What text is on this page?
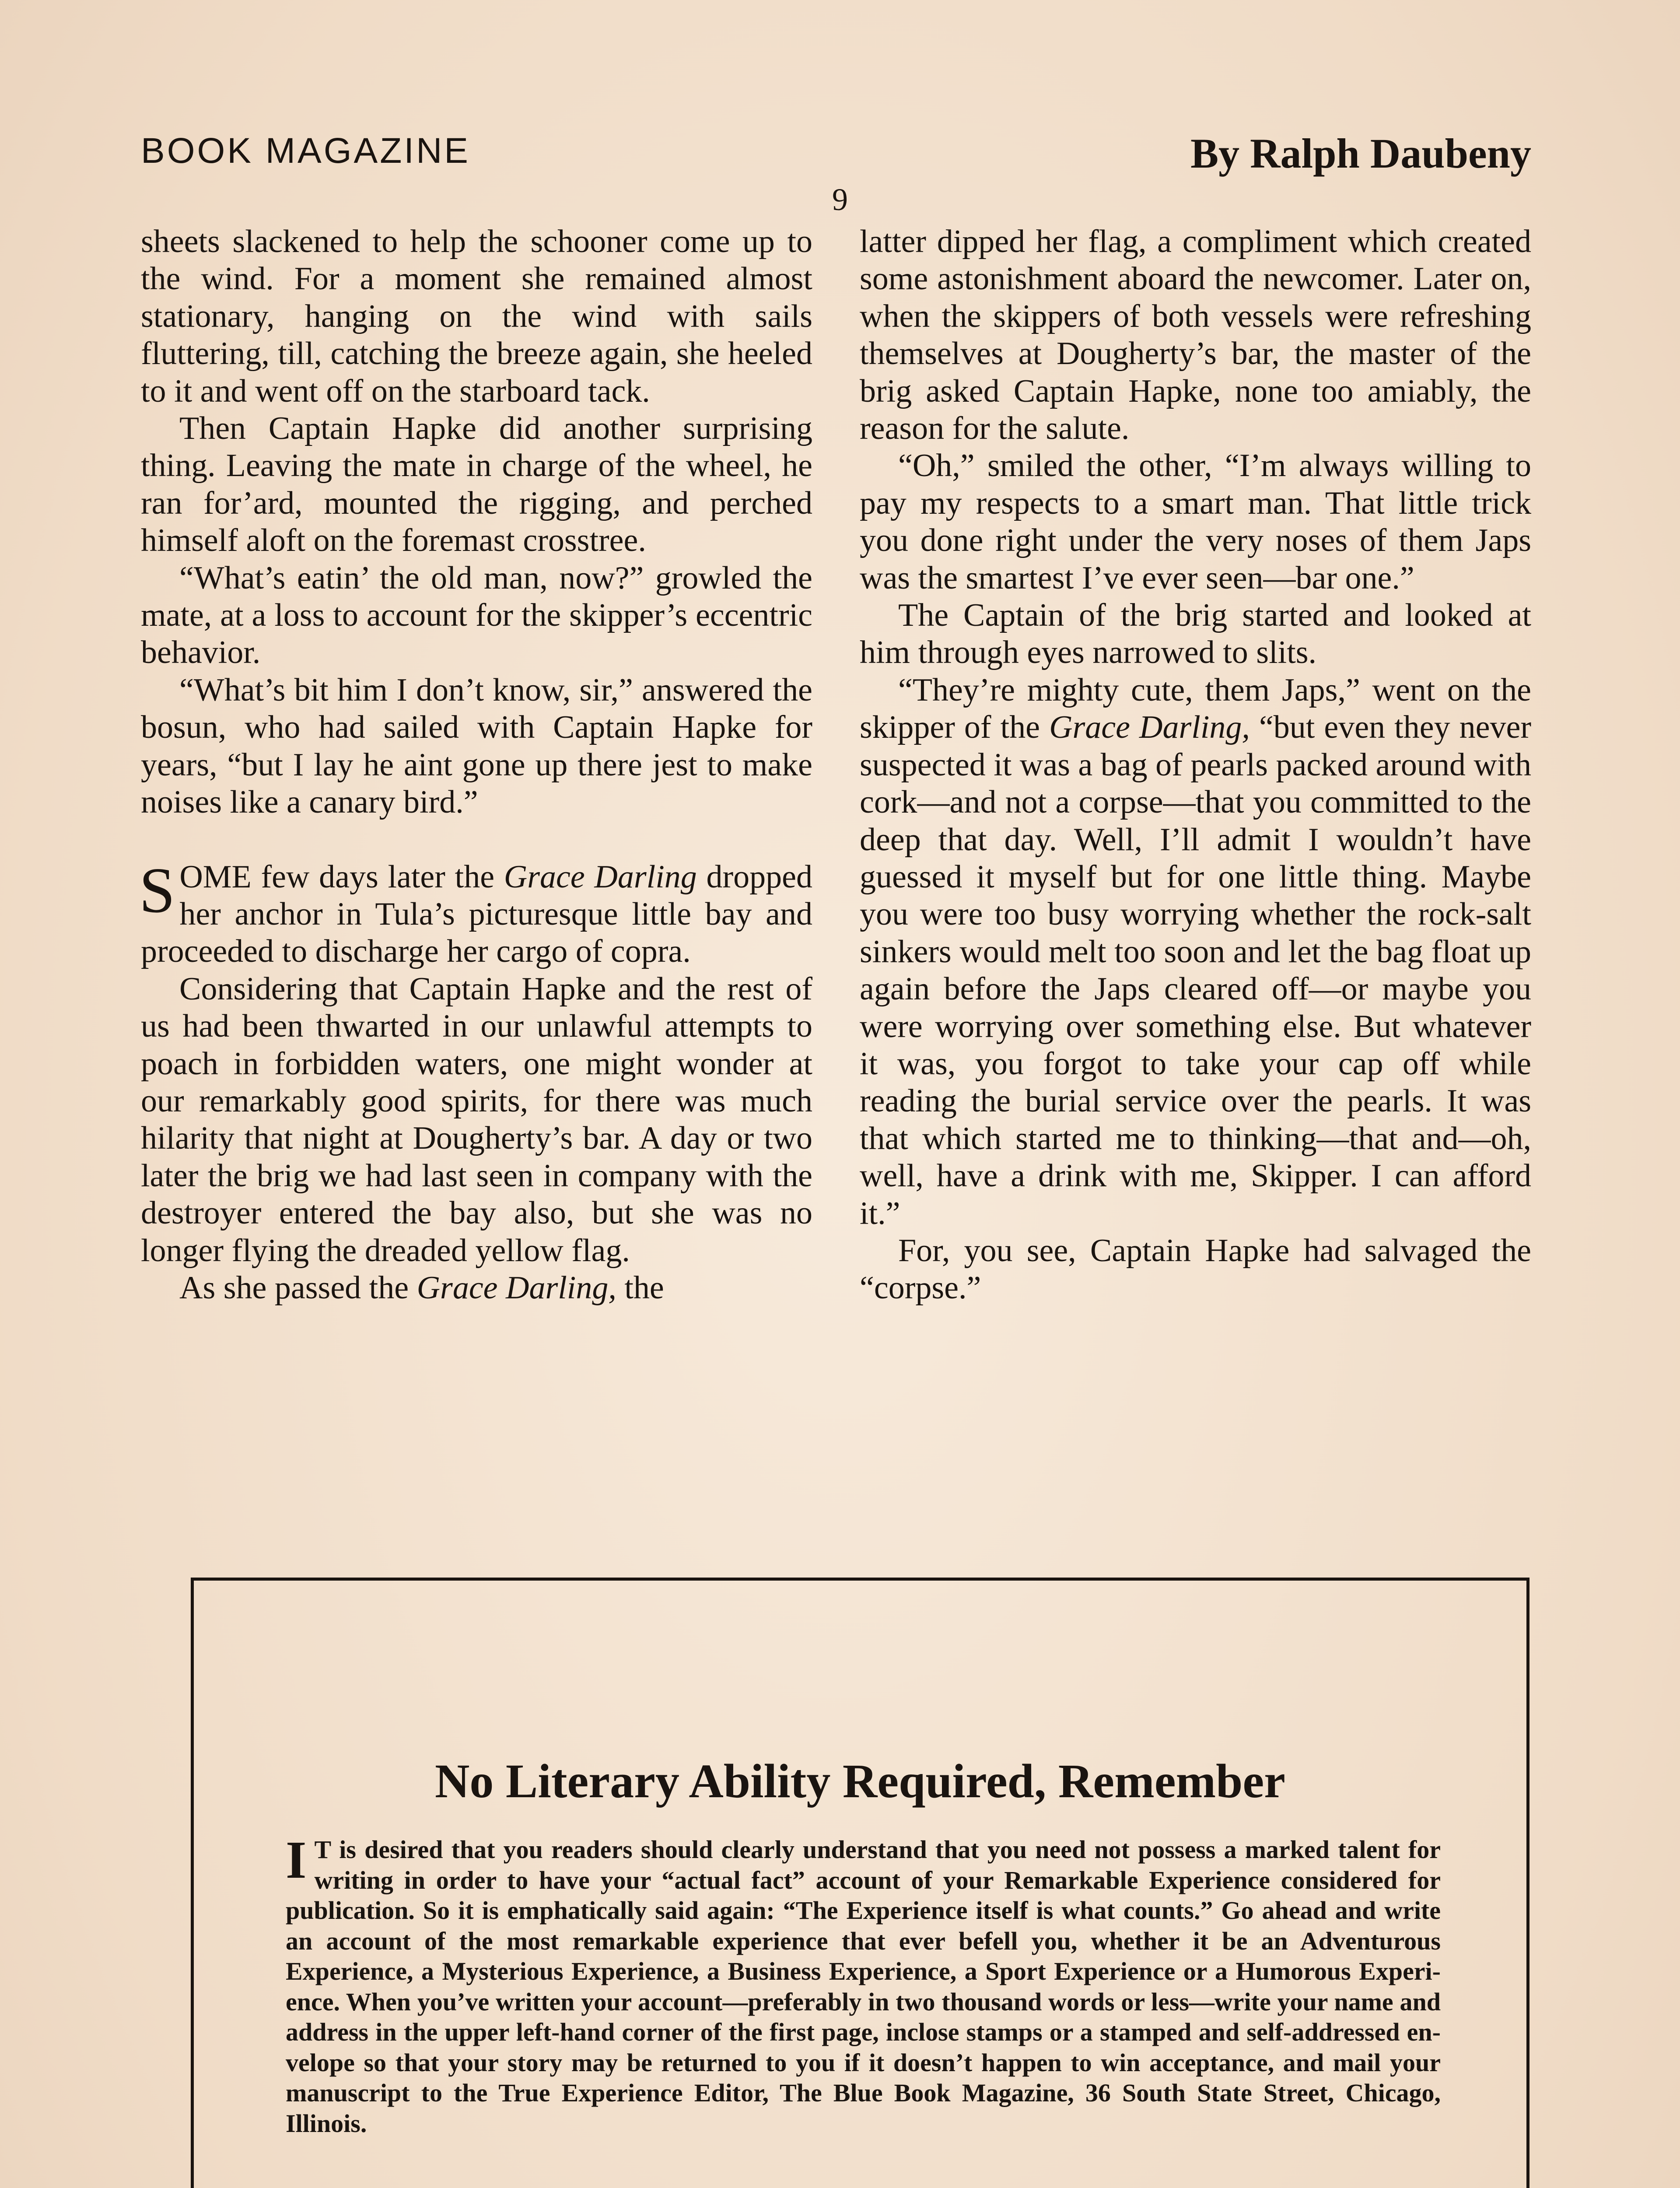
BOOK MAGAZINE	By Ralph Daubeny
9

sheets slackened to help the schooner come up to the wind. For a moment she remained almost stationary, hanging on the wind with sails fluttering, till, catching the breeze again, she heeled to it and went off on the starboard tack.

Then Captain Hapke did another surprising thing. Leaving the mate in charge of the wheel, he ran for’ard, mounted the rigging, and perched himself aloft on the foremast crosstree.

“What’s eatin’ the old man, now?” growled the mate, at a loss to account for the skipper’s eccentric behavior.

“What’s bit him I don’t know, sir,” answered the bosun, who had sailed with Captain Hapke for years, “but I lay he aint gone up there jest to make noises like a canary bird.”

SOME few days later the Grace Darling dropped her anchor in Tula’s picturesque little bay and proceeded to discharge her cargo of copra.

Considering that Captain Hapke and the rest of us had been thwarted in our unlawful attempts to poach in forbidden waters, one might wonder at our remarkably good spirits, for there was much hilarity that night at Dougherty’s bar. A day or two later the brig we had last seen in company with the destroyer entered the bay also, but she was no longer flying the dreaded yellow flag.

As she passed the Grace Darling, the

latter dipped her flag, a compliment which created some astonishment aboard the newcomer. Later on, when the skippers of both vessels were refreshing themselves at Dougherty’s bar, the master of the brig asked Captain Hapke, none too amiably, the reason for the salute.

“Oh,” smiled the other, “I’m always willing to pay my respects to a smart man. That little trick you done right under the very noses of them Japs was the smartest I’ve ever seen—bar one.”

The Captain of the brig started and looked at him through eyes narrowed to slits.

“They’re mighty cute, them Japs,” went on the skipper of the Grace Darling, “but even they never suspected it was a bag of pearls packed around with cork—and not a corpse—that you committed to the deep that day. Well, I’ll admit I wouldn’t have guessed it myself but for one little thing. Maybe you were too busy worrying whether the rock-salt sinkers would melt too soon and let the bag float up again before the Japs cleared off—or maybe you were worrying over something else. But whatever it was, you forgot to take your cap off while reading the burial service over the pearls. It was that which started me to thinking—that and—oh, well, have a drink with me, Skipper. I can afford it.”

For, you see, Captain Hapke had salvaged the “corpse.”

No Literary Ability Required, Remember
I T is desired that you readers should clearly understand that you need not possess a marked talent for writing in order to have your “actual fact” account of your Remarkable Experience considered for publication. So it is emphatically said again: “The Experience itself is what counts.” Go ahead and write an account of the most remarkable experience that ever befell you, whether it be an Adventurous Experience, a Mysterious Experience, a Business Experience, a Sport Experience or a Humorous Experience. When you’ve written your account—preferably in two thousand words or less—write your name and address in the upper left-hand corner of the first page, inclose stamps or a stamped and self-addressed envelope so that your story may be returned to you if it doesn’t happen to win acceptance, and mail your manuscript to the True Experience Editor, The Blue Book Magazine, 36 South State Street, Chicago, Illinois.
